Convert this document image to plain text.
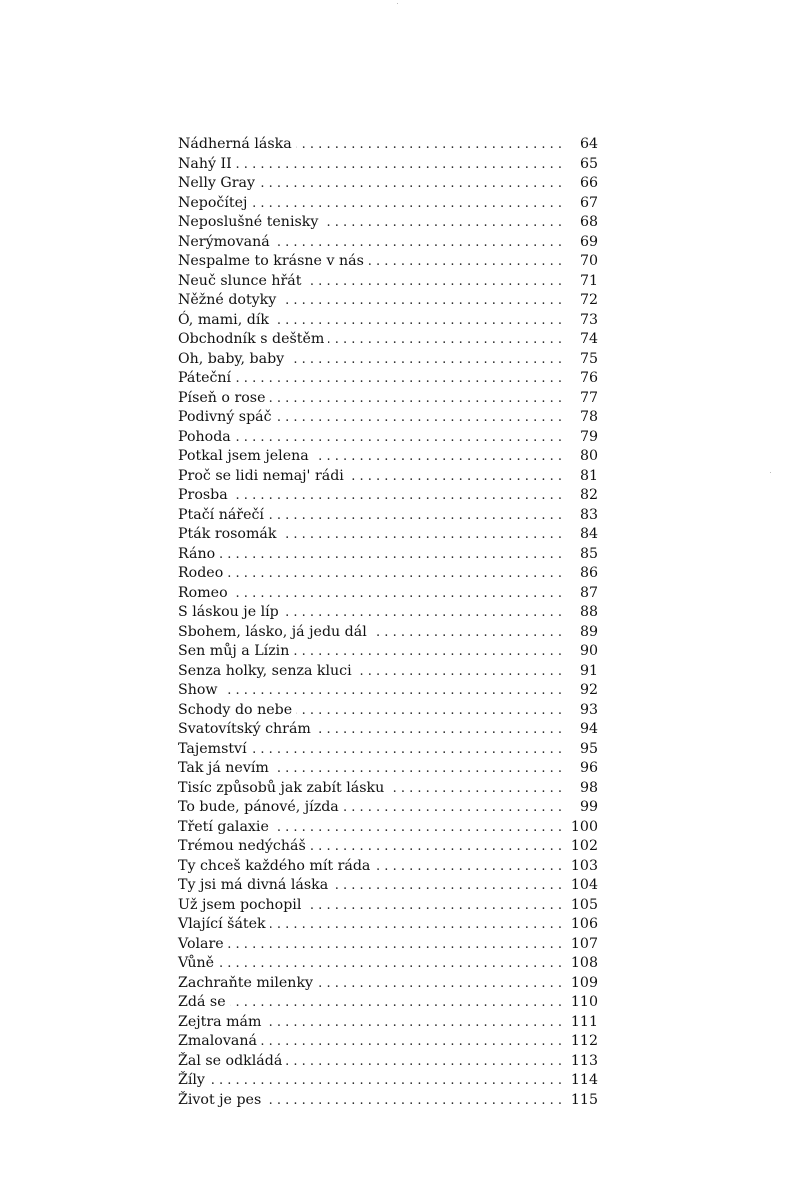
Nádherná láska . . .	64
Nahý II . . .	65
Nelly Gray . . .	66
Nepočítej . . .	67
Neposlušné tenisky . . .	68
Nerýmovaná . . .	69
Nespalme to krásne v nás . . .	70
Neuč slunce hřát . . .	71
Něžné dotyky . . .	72
Ó, mami, dík . . .	73
Obchodník s deštěm . . .	74
Oh, baby, baby . . .	75
Páteční . . .	76
Píseň o rose . . .	77
Podivný spáč . . .	78
Pohoda . . .	79
Potkal jsem jelena . . .	80
Proč se lidi nemaj' rádi . . .	81
Prosba . . .	82
Ptačí nářečí . . .	83
Pták rosomák . . .	84
Ráno . . .	85
Rodeo . . .	86
Romeo . . .	87
S láskou je líp . . .	88
Sbohem, lásko, já jedu dál . . .	89
Sen můj a Lízin . . .	90
Senza holky, senza kluci . . .	91
Show . . .	92
Schody do nebe . . .	93
Svatovítský chrám . . .	94
Tajemství . . .	95
Tak já nevím . . .	96
Tisíc způsobů jak zabít lásku . . .	98
To bude, pánové, jízda . . .	99
Třetí galaxie . . .	100
Trémou nedýcháš . . .	102
Ty chceš každého mít ráda . . .	103
Ty jsi má divná láska . . .	104
Už jsem pochopil . . .	105
Vlající šátek . . .	106
Volare . . .	107
Vůně . . .	108
Zachraňte milenky . . .	109
Zdá se . . .	110
Zejtra mám . . .	111
Zmalovaná . . .	112
Žal se odkládá . . .	113
Žíly . . .	114
Život je pes . . .	115
